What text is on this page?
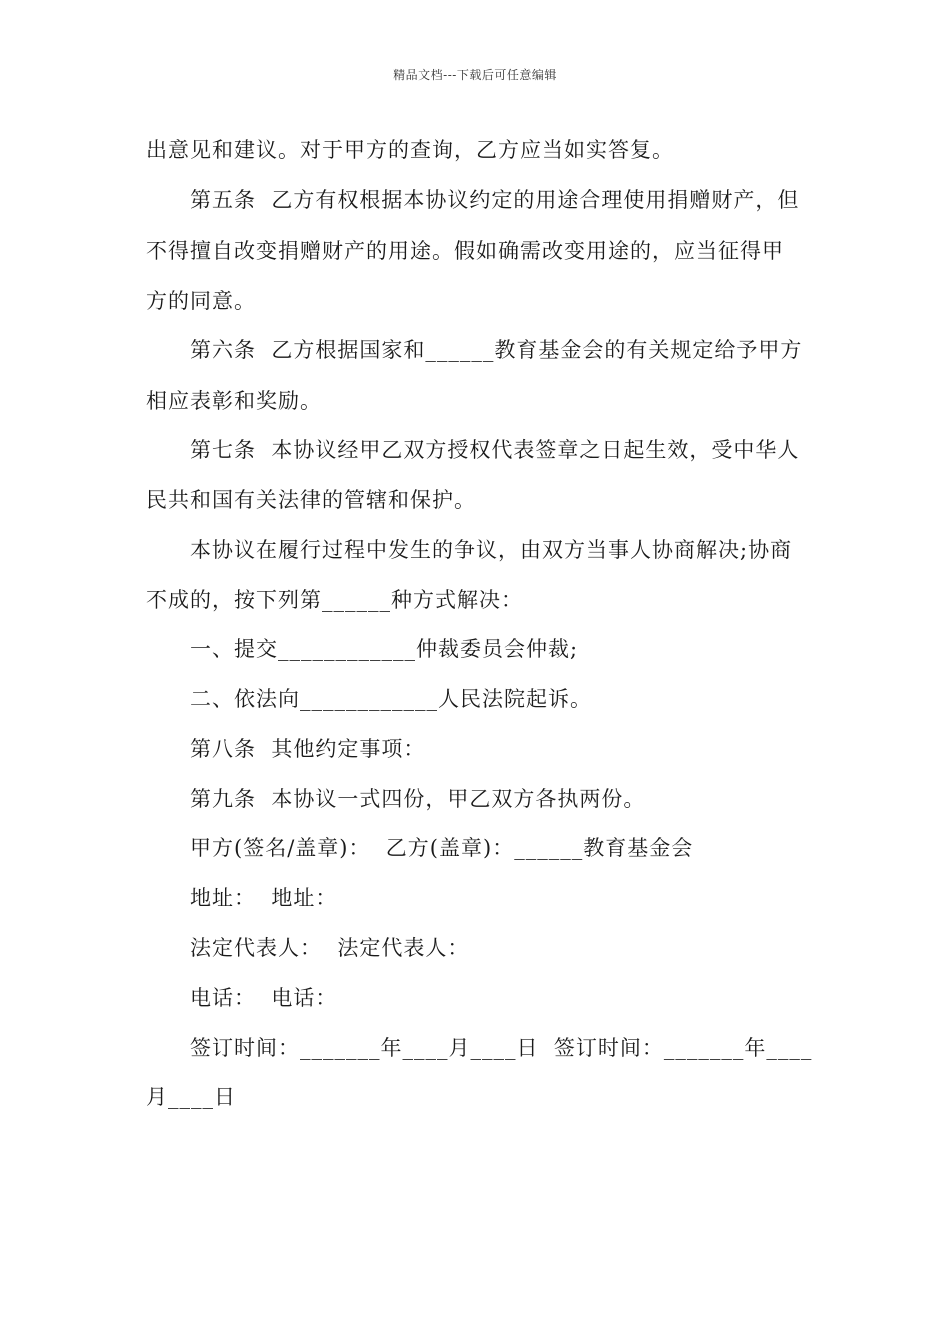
精品文档---下载后可任意编辑
出意见和建议。对于甲方的查询，乙方应当如实答复。
第五条  乙方有权根据本协议约定的用途合理使用捐赠财产，但
不得擅自改变捐赠财产的用途。假如确需改变用途的，应当征得甲
方的同意。
第六条  乙方根据国家和______教育基金会的有关规定给予甲方
相应表彰和奖励。
第七条  本协议经甲乙双方授权代表签章之日起生效，受中华人
民共和国有关法律的管辖和保护。
本协议在履行过程中发生的争议，由双方当事人协商解决;协商
不成的，按下列第______种方式解决：
一、提交____________仲裁委员会仲裁;
二、依法向____________人民法院起诉。
第八条  其他约定事项：
第九条  本协议一式四份，甲乙双方各执两份。
甲方(签名/盖章)：  乙方(盖章)：______教育基金会
地址：  地址：
法定代表人：  法定代表人：
电话：  电话：
签订时间：_______年____月____日  签订时间：_______年____
月____日
